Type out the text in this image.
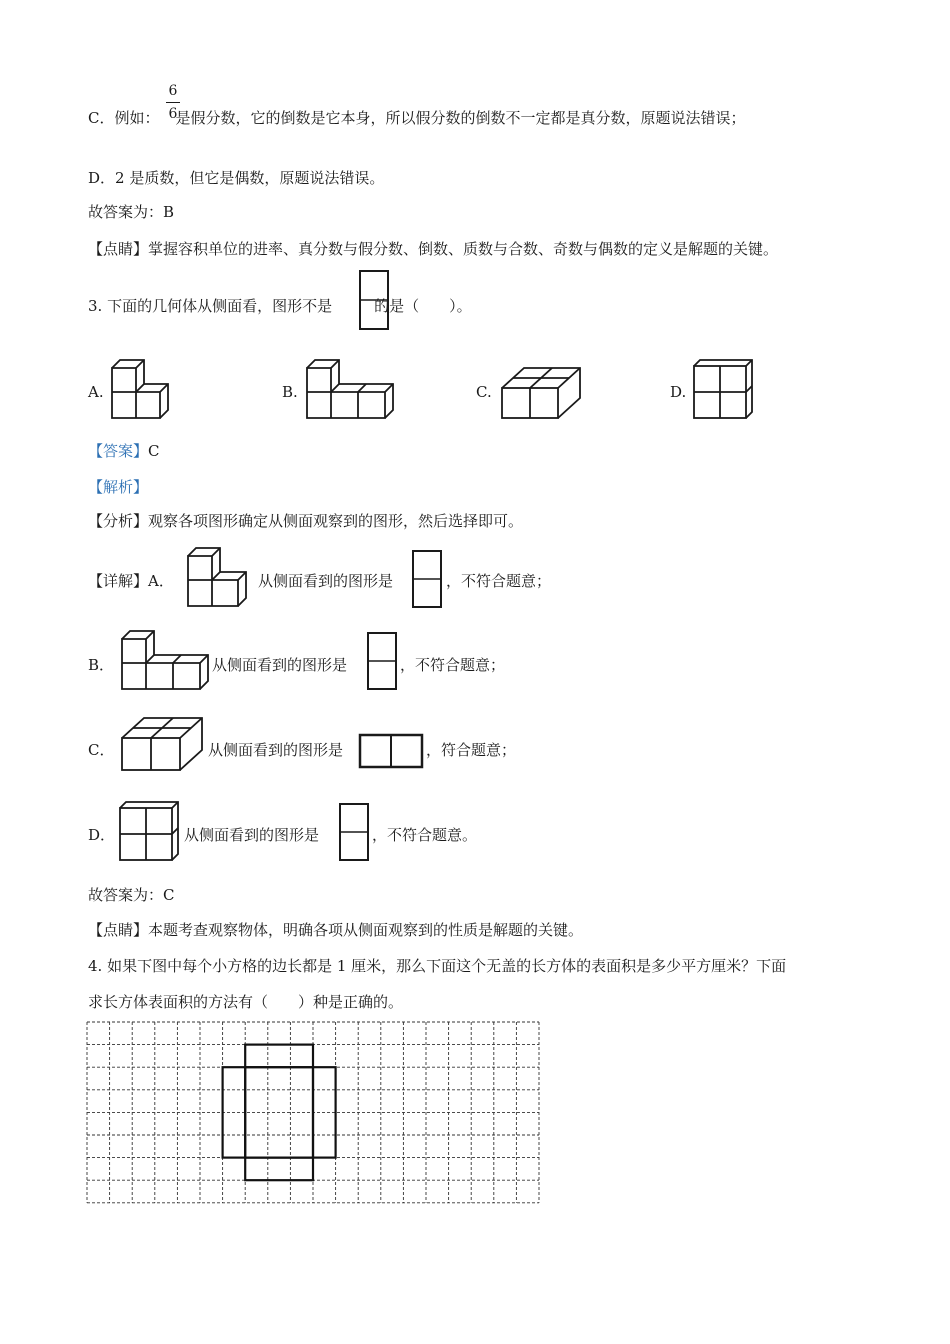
6
6
C．例如： 是假分数，它的倒数是它本身，所以假分数的倒数不一定都是真分数，原题说法错误；
D．2 是质数，但它是偶数，原题说法错误。
故答案为：B
【点睛】掌握容积单位的进率、真分数与假分数、倒数、质数与合数、奇数与偶数的定义是解题的关键。
3. 下面的几何体从侧面看，图形不是	的是（　　）。
A.	B.	C.	D.
【答案】C
【解析】
【分析】观察各项图形确定从侧面观察到的图形，然后选择即可。
【详解】A．	从侧面看到的图形是	，不符合题意；
B．	从侧面看到的图形是	，不符合题意；
C．	从侧面看到的图形是	，符合题意；
D．	从侧面看到的图形是	，不符合题意。
故答案为：C
【点睛】本题考查观察物体，明确各项从侧面观察到的性质是解题的关键。
4. 如果下图中每个小方格的边长都是 1 厘米，那么下面这个无盖的长方体的表面积是多少平方厘米？下面
求长方体表面积的方法有（　　）种是正确的。
